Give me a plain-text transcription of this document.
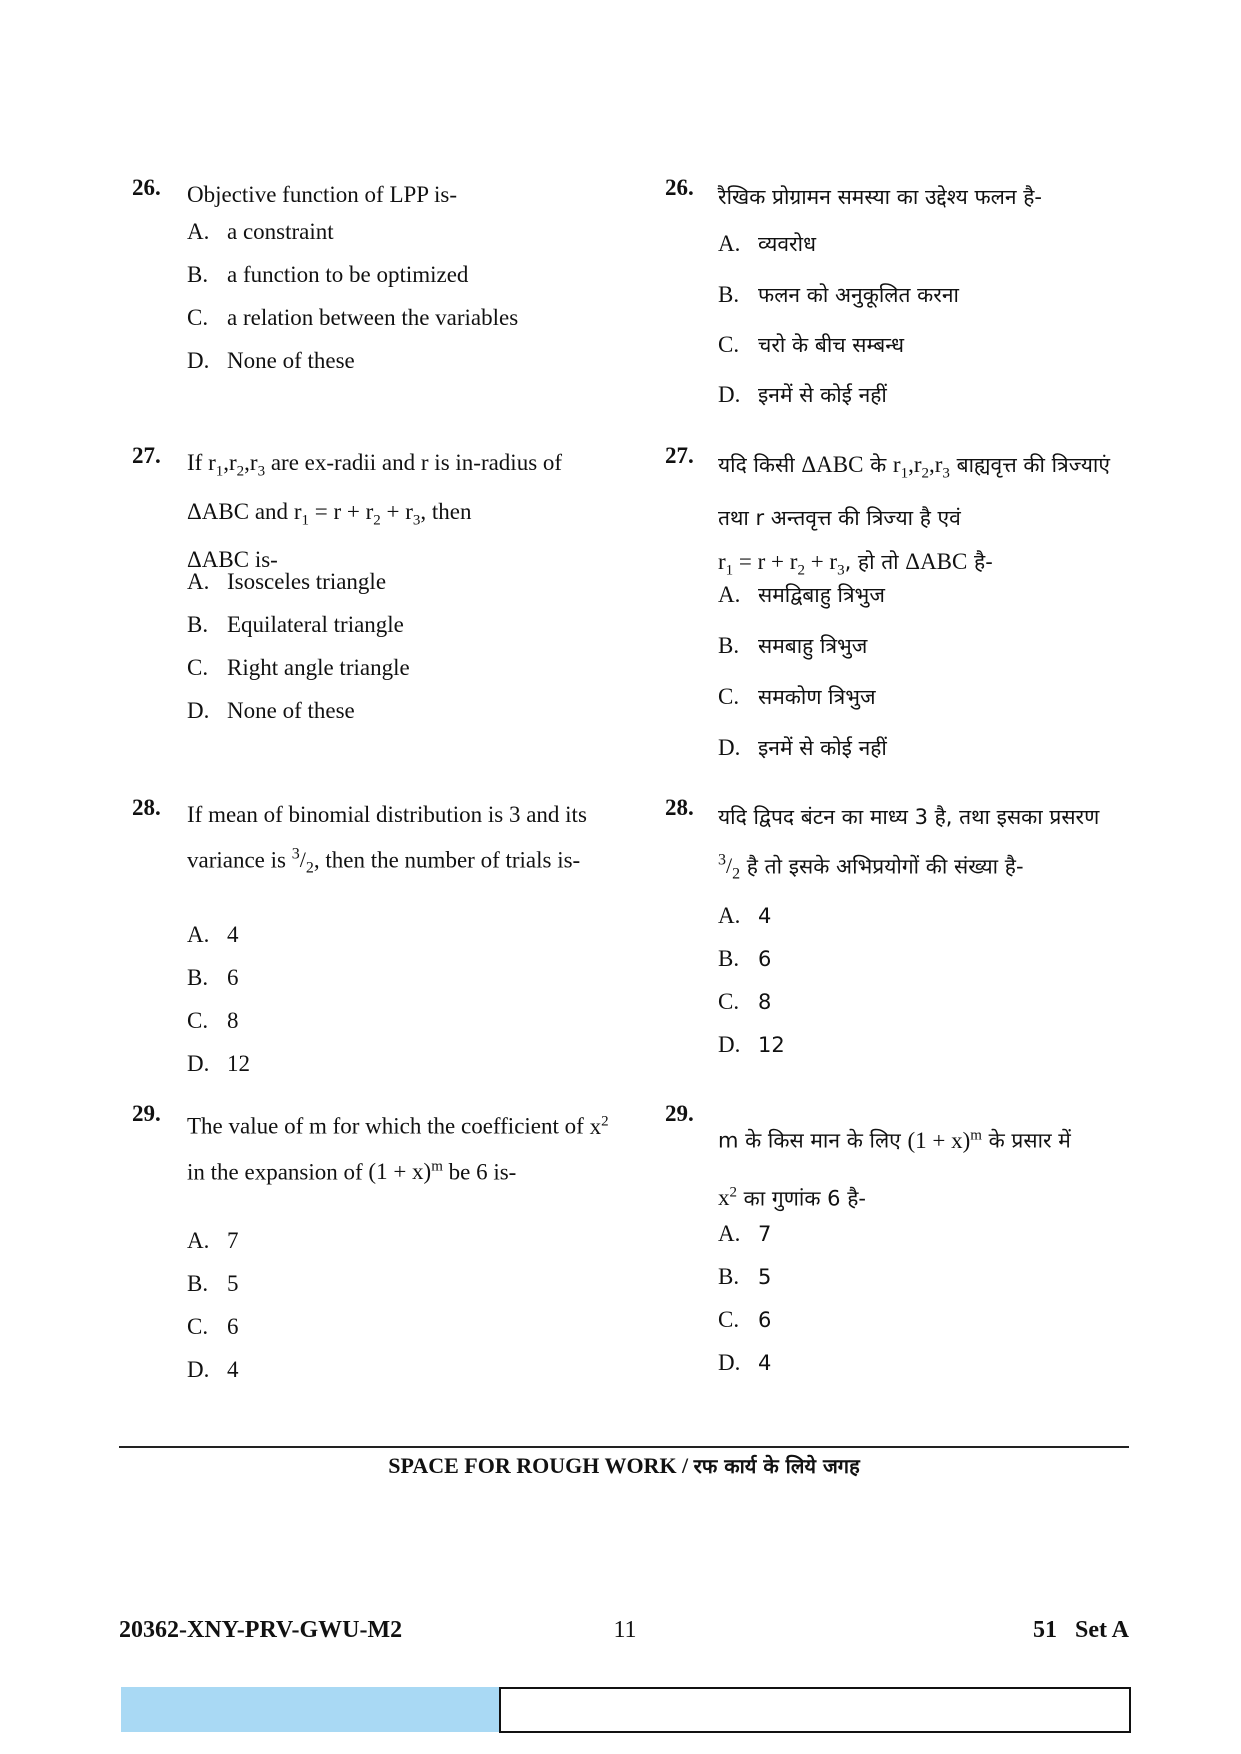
26. Objective function of LPP is-
A. a constraint
B. a function to be optimized
C. a relation between the variables
D. None of these
27. If $r_1,r_2,r_3$ are ex-radii and r is in-radius of ΔABC and $r_1 = r + r_2 + r_3$, then
ΔABC is-
A. Isosceles triangle
B. Equilateral triangle
C. Right angle triangle
D. None of these
28. If mean of binomial distribution is 3 and its variance is $^3/_2$, then the number of trials is-
A. 4
B. 6
C. 8
D. 12
29.
The value of m for which the coefficient of $x^2$ in the expansion of $(1 + x)^m$ be 6 is-
A. 7
B. 5
C. 6
D. 4
26. रैखिक प्रोग्रामन समस्या का उद्देश्य फलन है-
A. व्यवरोध
B. फलन को अनुकूलित करना
C. चरो के बीच सम्बन्ध
D. इनमें से कोई नहीं
27. यदि किसी ΔABC के $r_1,r_2,r_3$ बाह्यवृत्त की त्रिज्याएं तथा r अन्तवृत्त की त्रिज्या है एवं
$r_1 = r + r_2 + r_3$, हो तो ΔABC है-
A. समद्विबाहु त्रिभुज
B. समबाहु त्रिभुज
C. समकोण त्रिभुज
D. इनमें से कोई नहीं
28. यदि द्विपद बंटन का माध्य 3 है, तथा इसका प्रसरण
$^3/_2$ है तो इसके अभिप्रयोगों की संख्या है-
A. 4
B. 6
C. 8
D. 12
29.
m के किस मान के लिए $(1 + x)^m$ के प्रसार में
$x^2$ का गुणांक 6 है-
A. 7
B. 5
C. 6
D. 4
SPACE FOR ROUGH WORK / रफ कार्य के लिये जगह
20362-XNY-PRV-GWU-M2	11	51   Set A
